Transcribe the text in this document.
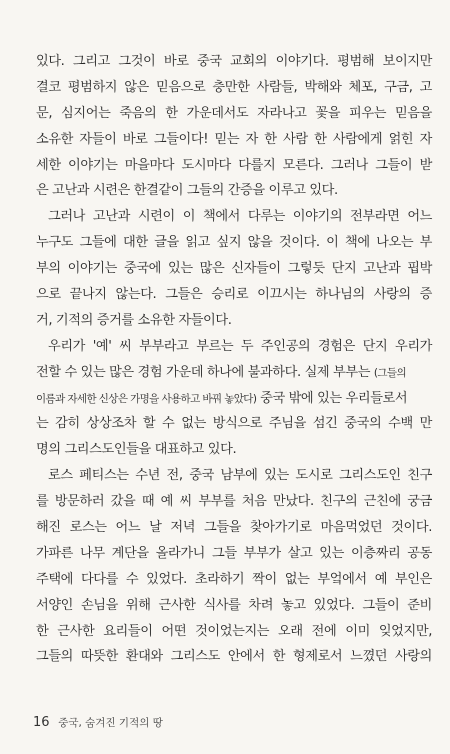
있다. 그리고 그것이 바로 중국 교회의 이야기다. 평범해 보이지만
결코 평범하지 않은 믿음으로 충만한 사람들, 박해와 체포, 구금, 고
문, 심지어는 죽음의 한 가운데서도 자라나고 꽃을 피우는 믿음을
소유한 자들이 바로 그들이다! 믿는 자 한 사람 한 사람에게 얽힌 자
세한 이야기는 마을마다 도시마다 다를지 모른다. 그러나 그들이 받
은 고난과 시련은 한결같이 그들의 간증을 이루고 있다.
그러나 고난과 시련이 이 책에서 다루는 이야기의 전부라면 어느
누구도 그들에 대한 글을 읽고 싶지 않을 것이다. 이 책에 나오는 부
부의 이야기는 중국에 있는 많은 신자들이 그렇듯 단지 고난과 핍박
으로 끝나지 않는다. 그들은 승리로 이끄시는 하나님의 사랑의 증
거, 기적의 증거를 소유한 자들이다.
우리가 '예' 씨 부부라고 부르는 두 주인공의 경험은 단지 우리가
전할 수 있는 많은 경험 가운데 하나에 불과하다. 실제 부부는 (그들의
이름과 자세한 신상은 가명을 사용하고 바꿔 놓았다) 중국 밖에 있는 우리들로서
는 감히 상상조차 할 수 없는 방식으로 주님을 섬긴 중국의 수백 만
명의 그리스도인들을 대표하고 있다.
로스 페티스는 수년 전, 중국 남부에 있는 도시로 그리스도인 친구
를 방문하러 갔을 때 예 씨 부부를 처음 만났다. 친구의 근친에 궁금
해진 로스는 어느 날 저녁 그들을 찾아가기로 마음먹었던 것이다.
가파른 나무 계단을 올라가니 그들 부부가 살고 있는 이층짜리 공동
주택에 다다를 수 있었다. 초라하기 짝이 없는 부엌에서 예 부인은
서양인 손님을 위해 근사한 식사를 차려 놓고 있었다. 그들이 준비
한 근사한 요리들이 어떤 것이었는지는 오래 전에 이미 잊었지만,
그들의 따뜻한 환대와 그리스도 안에서 한 형제로서 느꼈던 사랑의
16 중국, 숨겨진 기적의 땅
